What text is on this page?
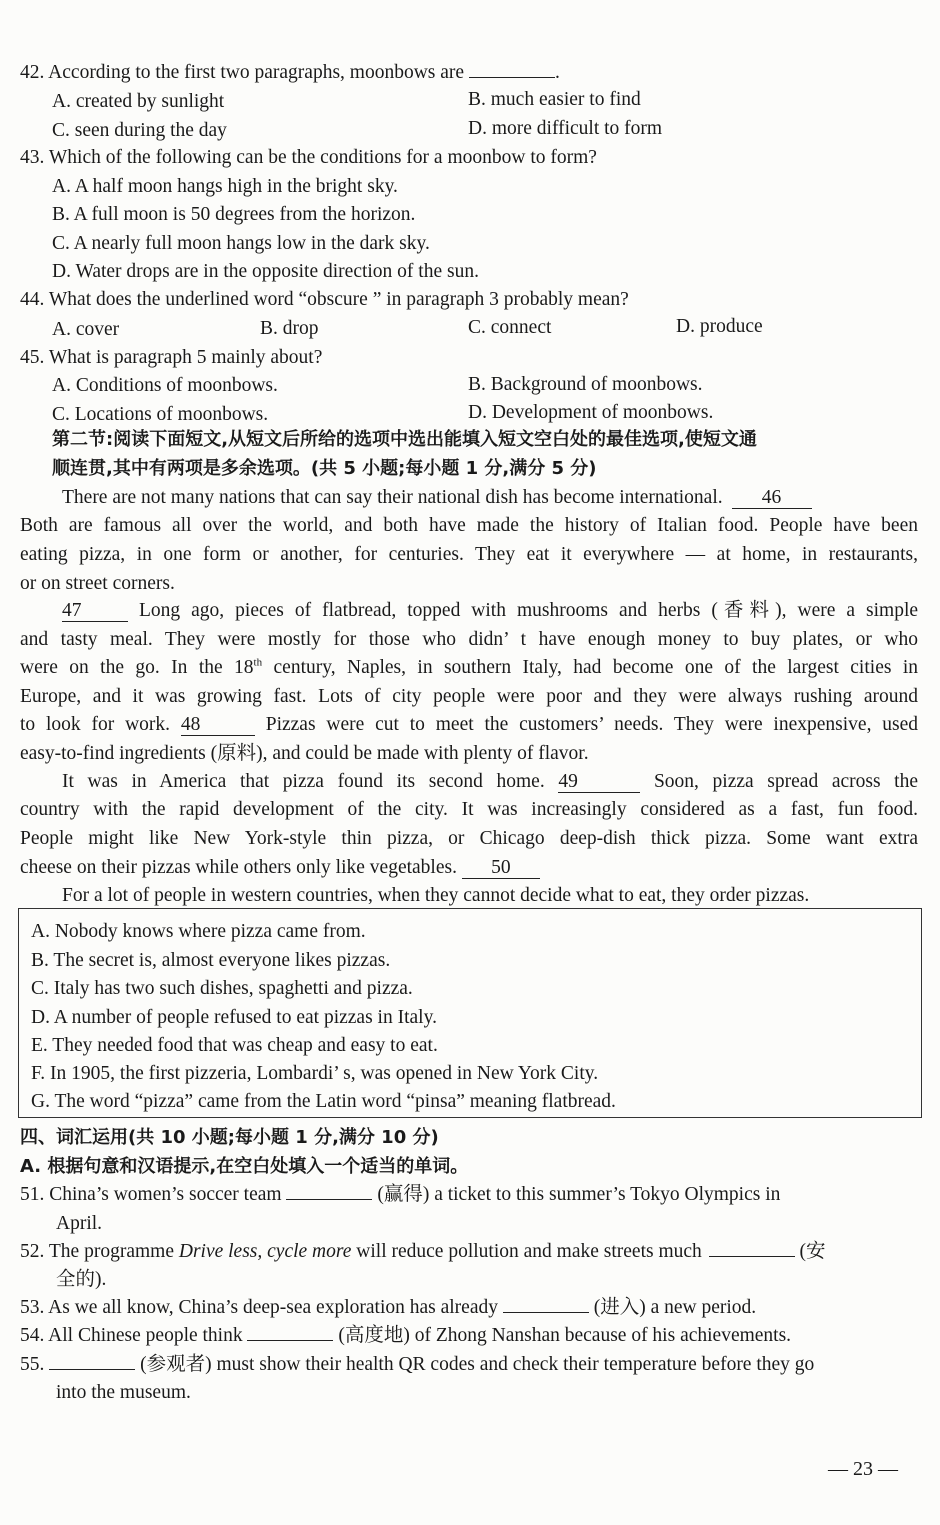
42. According to the first two paragraphs, moonbows are	.
A. created by sunlight	B. much easier to find
C. seen during the day	D. more difficult to form
43. Which of the following can be the conditions for a moonbow to form?
A. A half moon hangs high in the bright sky.
B. A full moon is 50 degrees from the horizon.
C. A nearly full moon hangs low in the dark sky.
D. Water drops are in the opposite direction of the sun.
44. What does the underlined word “obscure ” in paragraph 3 probably mean?
A. cover	B. drop	C. connect	D. produce
45. What is paragraph 5 mainly about?
A. Conditions of moonbows.	B. Background of moonbows.
C. Locations of moonbows.	D. Development of moonbows.
第二节:阅读下面短文,从短文后所给的选项中选出能填入短文空白处的最佳选项,使短文通
顺连贯,其中有两项是多余选项。(共 5 小题;每小题 1 分,满分 5 分)
There are not many nations that can say their national dish has become international. 46
Both are famous all over the world, and both have made the history of Italian food. People have been
eating pizza, in one form or another, for centuries. They eat it everywhere — at home, in restaurants,
or on street corners.
47	Long ago, pieces of flatbread, topped with mushrooms and herbs (香料), were a simple
and tasty meal. They were mostly for those who didn’ t have enough money to buy plates, or who
were on the go. In the 18th century, Naples, in southern Italy, had become one of the largest cities in
Europe, and it was growing fast. Lots of city people were poor and they were always rushing around
to look for work. 48	Pizzas were cut to meet the customers’ needs. They were inexpensive, used
easy-to-find ingredients (原料), and could be made with plenty of flavor.
It was in America that pizza found its second home. 49	Soon, pizza spread across the
country with the rapid development of the city. It was increasingly considered as a fast, fun food.
People might like New York-style thin pizza, or Chicago deep-dish thick pizza. Some want extra
cheese on their pizzas while others only like vegetables. 50
For a lot of people in western countries, when they cannot decide what to eat, they order pizzas.
A. Nobody knows where pizza came from.
B. The secret is, almost everyone likes pizzas.
C. Italy has two such dishes, spaghetti and pizza.
D. A number of people refused to eat pizzas in Italy.
E. They needed food that was cheap and easy to eat.
F. In 1905, the first pizzeria, Lombardi’ s, was opened in New York City.
G. The word “pizza” came from the Latin word “pinsa” meaning flatbread.
四、词汇运用(共 10 小题;每小题 1 分,满分 10 分)
A. 根据句意和汉语提示,在空白处填入一个适当的单词。
51. China’s women’s soccer team	(赢得) a ticket to this summer’s Tokyo Olympics in
April.
52. The programme Drive less, cycle more will reduce pollution and make streets much	(安
全的).
53. As we all know, China’s deep-sea exploration has already	(进入) a new period.
54. All Chinese people think	(高度地) of Zhong Nanshan because of his achievements.
55.	(参观者) must show their health QR codes and check their temperature before they go
into the museum.
— 23 —
